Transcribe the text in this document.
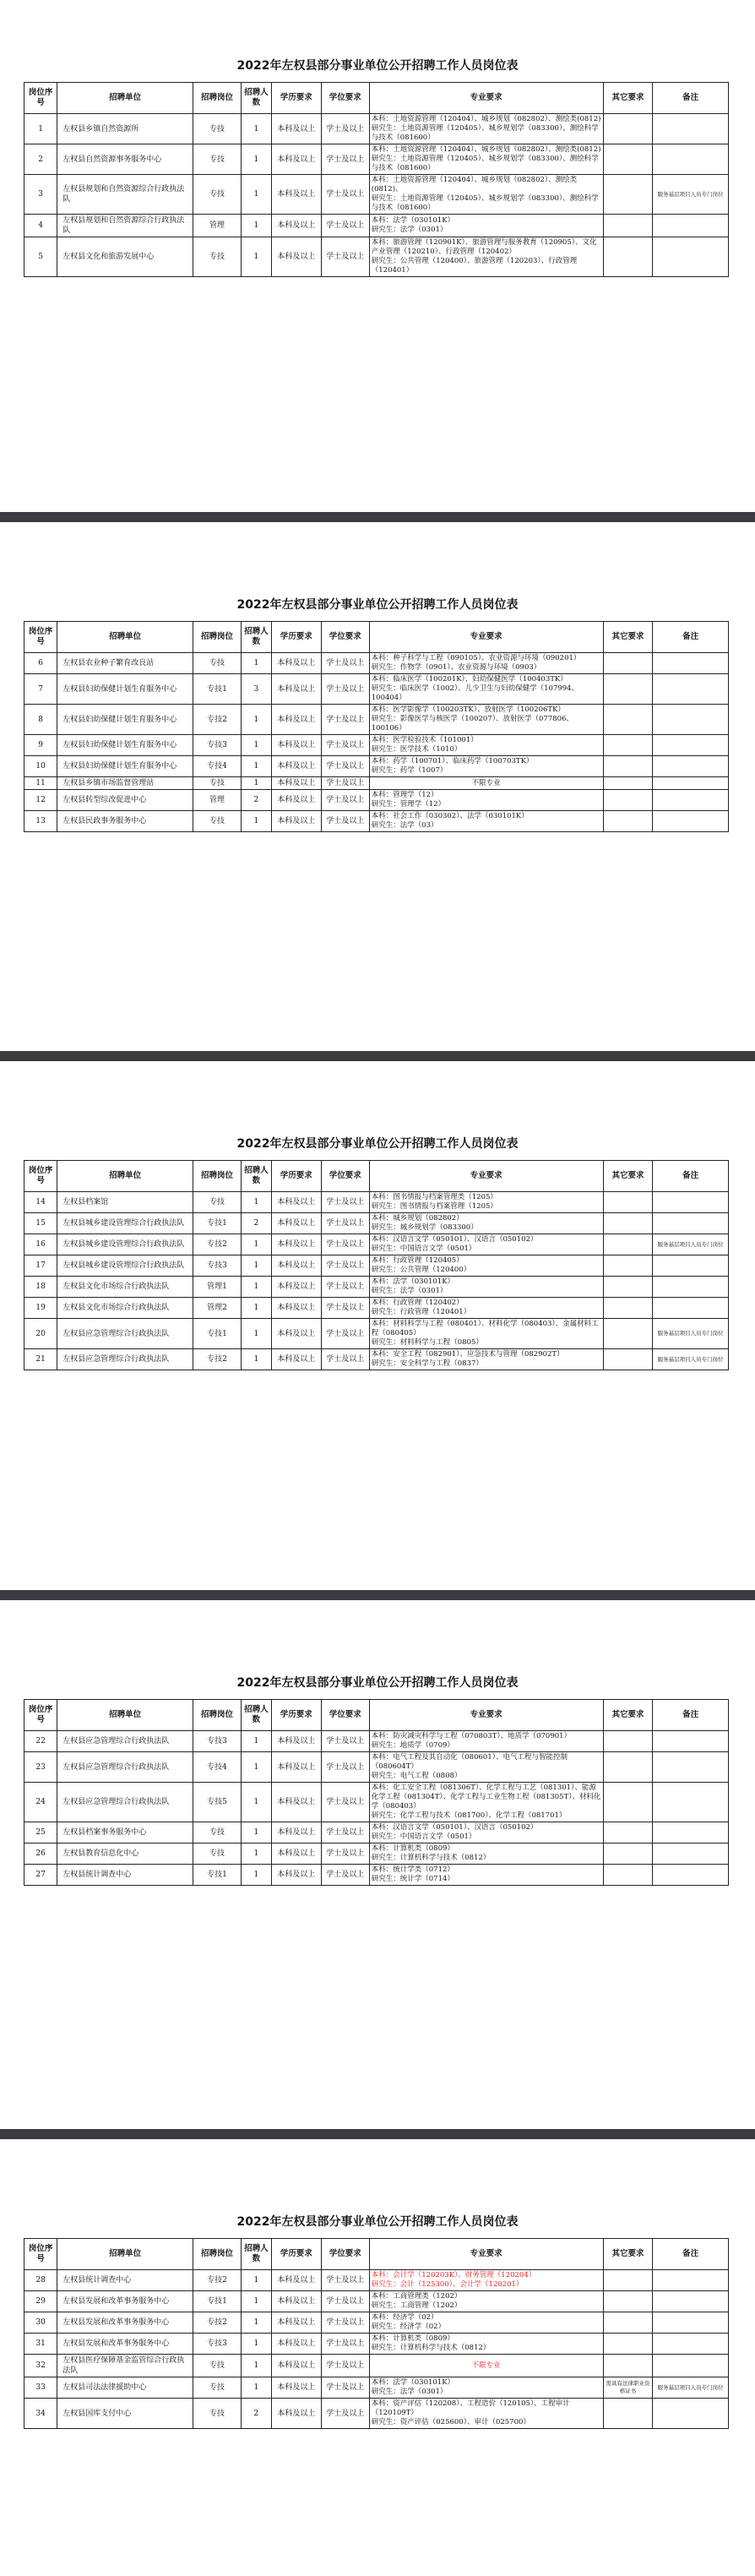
2022年左权县部分事业单位公开招聘工作人员岗位表
岗位序号	招聘单位	招聘岗位	招聘人数	学历要求	学位要求	专业要求	其它要求	备注
1	左权县乡镇自然资源所	专技	1	本科及以上	学士及以上	本科：土地资源管理（120404）、城乡规划（082802）、测绘类(0812)
研究生：土地资源管理（120405）、城乡规划学（083300）、测绘科学与技术（081600）		

2	左权县自然资源事务服务中心	专技	1	本科及以上	学士及以上	本科：土地资源管理（120404）、城乡规划（082802）、测绘类(0812)
研究生：土地资源管理（120405）、城乡规划学（083300）、测绘科学与技术（081600）		

3	左权县规划和自然资源综合行政执法队	专技	1	本科及以上	学士及以上	本科：土地资源管理（120404）、城乡规划（082802）、测绘类(0812)、
研究生：土地资源管理（120405）、城乡规划学（083300）、测绘科学与技术（081600）		服务基层项目人员专门岗位
4	左权县规划和自然资源综合行政执法队	管理	1	本科及以上	学士及以上	本科：法学（030101K）
研究生：法学（0301）		

5	左权县文化和旅游发展中心	专技	1	本科及以上	学士及以上	本科：旅游管理（120901K）、旅游管理与服务教育（120905）、文化产业管理（120210）、行政管理（120402）
研究生：公共管理（120400）、旅游管理（120203）、行政管理（120401）		

2022年左权县部分事业单位公开招聘工作人员岗位表
岗位序号	招聘单位	招聘岗位	招聘人数	学历要求	学位要求	专业要求	其它要求	备注
6	左权县农业种子繁育改良站	专技	1	本科及以上	学士及以上	本科：种子科学与工程（090105）、农业资源与环境（090201）
研究生：作物学（0901）、农业资源与环境（0903）		

7	左权县妇幼保健计划生育服务中心	专技1	3	本科及以上	学士及以上	本科：临床医学（100201K）、妇幼保健医学（100403TK）
研究生：临床医学（1002）、儿少卫生与妇幼保健学（107994、100404）		

8	左权县妇幼保健计划生育服务中心	专技2	1	本科及以上	学士及以上	本科：医学影像学（100203TK）、放射医学（100206TK）
研究生：影像医学与核医学（100207）、放射医学（077806、100106）		

9	左权县妇幼保健计划生育服务中心	专技3	1	本科及以上	学士及以上	本科：医学检验技术（101001）
研究生：医学技术（1010）		

10	左权县妇幼保健计划生育服务中心	专技4	1	本科及以上	学士及以上	本科：药学（100701）、临床药学（100703TK）
研究生：药学（1007）		

11	左权县乡镇市场监督管理站	专技	1	本科及以上	学士及以上	不限专业		

12	左权县转型综改促进中心	管理	2	本科及以上	学士及以上	本科：管理学（12）
研究生：管理学（12）		

13	左权县民政事务服务中心	专技	1	本科及以上	学士及以上	本科：社会工作（030302）、法学（030101K）
研究生：法学（03）		

2022年左权县部分事业单位公开招聘工作人员岗位表
岗位序号	招聘单位	招聘岗位	招聘人数	学历要求	学位要求	专业要求	其它要求	备注
14	左权县档案馆	专技	1	本科及以上	学士及以上	本科：图书情报与档案管理类（1205）
研究生：图书情报与档案管理（1205）		

15	左权县城乡建设管理综合行政执法队	专技1	2	本科及以上	学士及以上	本科：城乡规划（082802）
研究生：城乡规划学（083300）		

16	左权县城乡建设管理综合行政执法队	专技2	1	本科及以上	学士及以上	本科：汉语言文学（050101）、汉语言（050102）
研究生：中国语言文学（0501）		服务基层项目人员专门岗位
17	左权县城乡建设管理综合行政执法队	专技3	1	本科及以上	学士及以上	本科：行政管理（120405）
研究生：公共管理（120400）		

18	左权县文化市场综合行政执法队	管理1	1	本科及以上	学士及以上	本科：法学（030101K）
研究生：法学（0301）		

19	左权县文化市场综合行政执法队	管理2	1	本科及以上	学士及以上	本科：行政管理（120402）
研究生：行政管理（120401）		

20	左权县应急管理综合行政执法队	专技1	1	本科及以上	学士及以上	本科：材料科学与工程（080401）、材料化学（080403）、金属材料工程（080405）
研究生：材料科学与工程（0805）		服务基层项目人员专门岗位
21	左权县应急管理综合行政执法队	专技2	1	本科及以上	学士及以上	本科：安全工程（082901）、应急技术与管理（082902T）
研究生：安全科学与工程（0837）		服务基层项目人员专门岗位
2022年左权县部分事业单位公开招聘工作人员岗位表
岗位序号	招聘单位	招聘岗位	招聘人数	学历要求	学位要求	专业要求	其它要求	备注
22	左权县应急管理综合行政执法队	专技3	1	本科及以上	学士及以上	本科：防灾减灾科学与工程（070803T）、地质学（070901）
研究生：地质学（0709）		

23	左权县应急管理综合行政执法队	专技4	1	本科及以上	学士及以上	本科：电气工程及其自动化（080601）、电气工程与智能控制（080604T）
研究生：电气工程（0808）		

24	左权县应急管理综合行政执法队	专技5	1	本科及以上	学士及以上	本科：化工安全工程（081306T）、化学工程与工艺（081301）、能源化学工程（081304T）、化学工程与工业生物工程（081305T）、材料化学（080403）
研究生：化学工程与技术（081700）、化学工程（081701）		

25	左权县档案事务服务中心	专技	1	本科及以上	学士及以上	本科：汉语言文学（050101）、汉语言（050102）
研究生：中国语言文学（0501）		

26	左权县教育信息化中心	专技	1	本科及以上	学士及以上	本科：计算机类（0809）
研究生：计算机科学与技术（0812）		

27	左权县统计调查中心	专技1	1	本科及以上	学士及以上	本科：统计学类（0712）
研究生：统计学（0714）		

2022年左权县部分事业单位公开招聘工作人员岗位表
岗位序号	招聘单位	招聘岗位	招聘人数	学历要求	学位要求	专业要求	其它要求	备注
28	左权县统计调查中心	专技2	1	本科及以上	学士及以上	本科：会计学（120203K）、财务管理（120204）
研究生：会计（125300）、会计学（120201）		

29	左权县发展和改革事务服务中心	专技1	1	本科及以上	学士及以上	本科：工商管理类（1202）
研究生：工商管理（1202）		

30	左权县发展和改革事务服务中心	专技2	1	本科及以上	学士及以上	本科：经济学（02）
研究生：经济学（02）		

31	左权县发展和改革事务服务中心	专技3	1	本科及以上	学士及以上	本科：计算机类（0809）
研究生：计算机科学与技术（0812）		

32	左权县医疗保障基金监管综合行政执法队	专技	1	本科及以上	学士及以上	不限专业		

33	左权县司法法律援助中心	专技	1	本科及以上	学士及以上	本科：法学（030101K）
研究生：法学（0301）	需具有法律职业资格证书	服务基层项目人员专门岗位
34	左权县国库支付中心	专技	2	本科及以上	学士及以上	本科：资产评估（120208）、工程造价（120105）、工程审计（120109T）
研究生：资产评估（025600）、审计（025700）		
